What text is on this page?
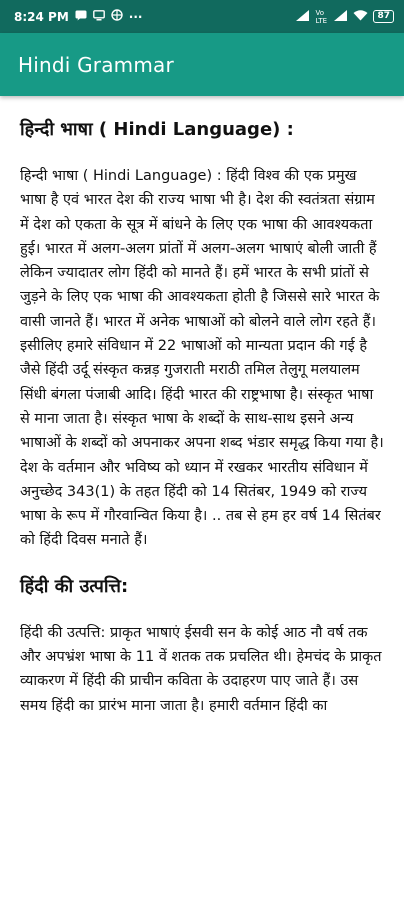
8:24 PM	···	Vo LTE	87
Hindi Grammar
हिन्दी भाषा ( Hindi Language) :

हिन्दी भाषा ( Hindi Language) : हिंदी विश्व की एक प्रमुख भाषा है एवं भारत देश की राज्य भाषा भी है। देश की स्वतंत्रता संग्राम में देश को एकता के सूत्र में बांधने के लिए एक भाषा की आवश्यकता हुई। भारत में अलग-अलग प्रांतों में अलग-अलग भाषाएं बोली जाती हैं लेकिन ज्यादातर लोग हिंदी को मानते हैं। हमें भारत के सभी प्रांतों से जुड़ने के लिए एक भाषा की आवश्यकता होती है जिससे सारे भारत के वासी जानते हैं। भारत में अनेक भाषाओं को बोलने वाले लोग रहते हैं। इसीलिए हमारे संविधान में 22 भाषाओं को मान्यता प्रदान की गई है जैसे हिंदी उर्दू संस्कृत कन्नड़ गुजराती मराठी तमिल तेलुगू मलयालम सिंधी बंगला पंजाबी आदि। हिंदी भारत की राष्ट्रभाषा है। संस्कृत भाषा से माना जाता है। संस्कृत भाषा के शब्दों के साथ-साथ इसने अन्य भाषाओं के शब्दों को अपनाकर अपना शब्द भंडार समृद्ध किया गया है। देश के वर्तमान और भविष्य को ध्यान में रखकर भारतीय संविधान में अनुच्छेद 343(1) के तहत हिंदी को 14 सितंबर, 1949 को राज्य भाषा के रूप में गौरवान्वित किया है। .. तब से हम हर वर्ष 14 सितंबर को हिंदी दिवस मनाते हैं।

हिंदी की उत्पत्ति:

हिंदी की उत्पत्ति: प्राकृत भाषाएं ईसवी सन के कोई आठ नौ वर्ष तक और अपभ्रंश भाषा के 11 वें शतक तक प्रचलित थी। हेमचंद के प्राकृत व्याकरण में हिंदी की प्राचीन कविता के उदाहरण पाए जाते हैं। उस समय हिंदी का प्रारंभ माना जाता है। हमारी वर्तमान हिंदी का
